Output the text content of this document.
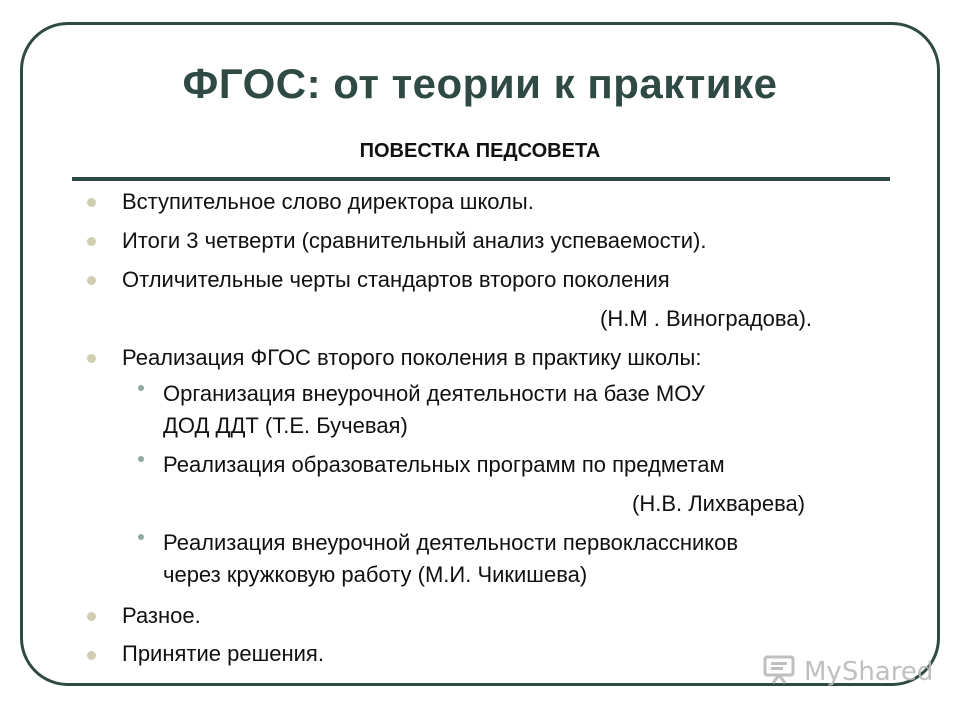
ФГОС: от теории к практике
ПОВЕСТКА ПЕДСОВЕТА
Вступительное слово директора школы.
Итоги 3 четверти (сравнительный анализ успеваемости).
Отличительные черты стандартов второго поколения
(Н.М . Виноградова).
Реализация ФГОС второго поколения в практику школы:
Организация внеурочной деятельности на базе МОУ
ДОД ДДТ (Т.Е. Бучевая)
Реализация образовательных программ по предметам
(Н.В. Лихварева)
Реализация внеурочной деятельности первоклассников
через кружковую работу (М.И. Чикишева)
Разное.
Принятие решения.
MyShared
